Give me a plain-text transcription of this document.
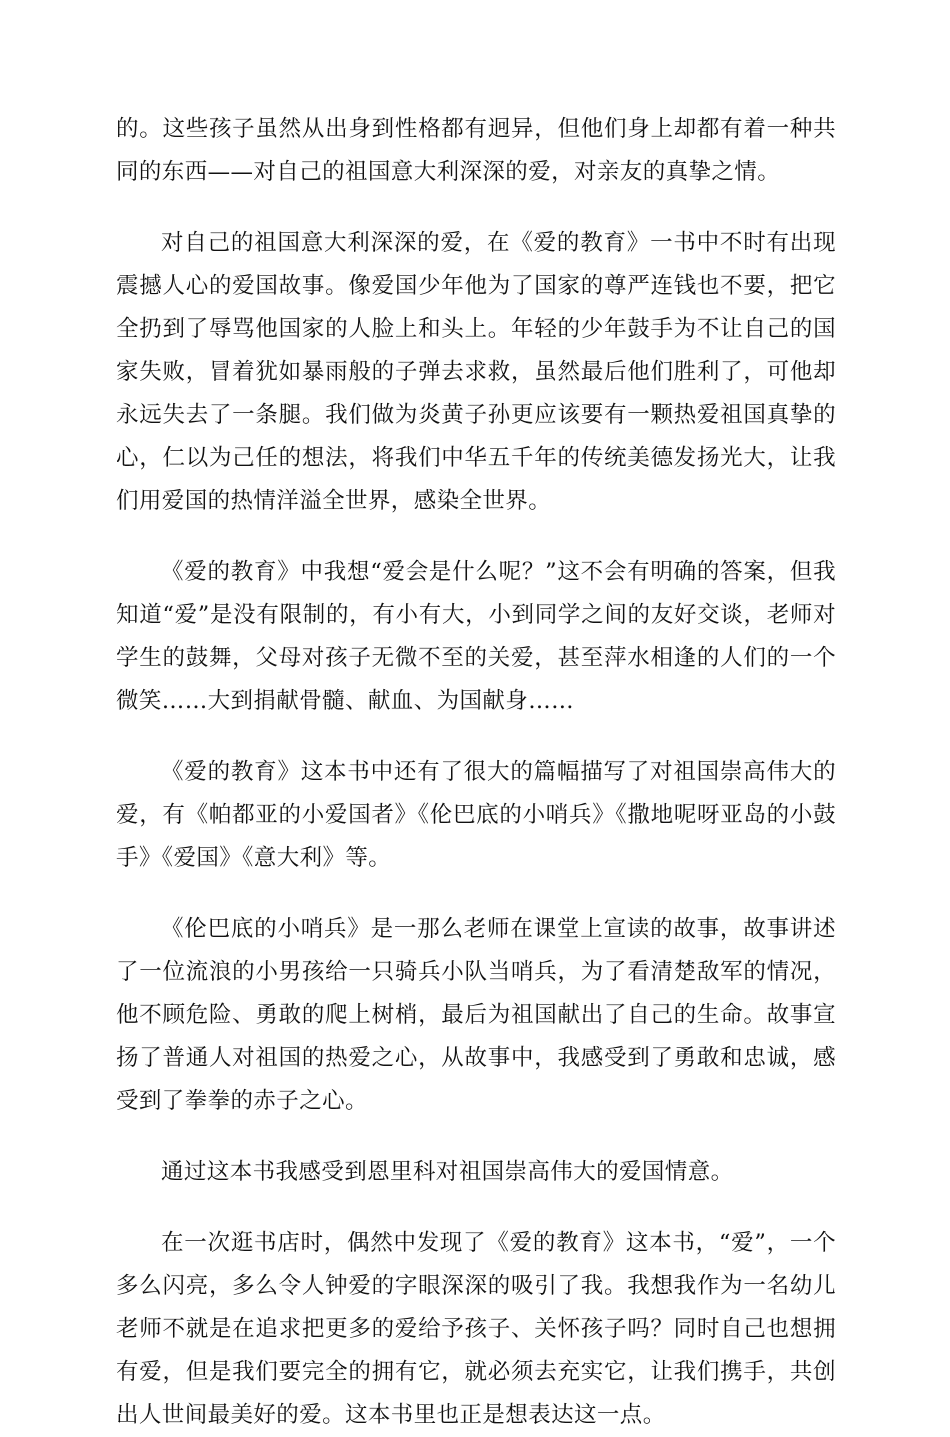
的。这些孩子虽然从出身到性格都有迥异，但他们身上却都有着一种共同的东西——对自己的祖国意大利深深的爱，对亲友的真挚之情。

对自己的祖国意大利深深的爱，在《爱的教育》一书中不时有出现震撼人心的爱国故事。像爱国少年他为了国家的尊严连钱也不要，把它全扔到了辱骂他国家的人脸上和头上。年轻的少年鼓手为不让自己的国家失败，冒着犹如暴雨般的子弹去求救，虽然最后他们胜利了，可他却永远失去了一条腿。我们做为炎黄子孙更应该要有一颗热爱祖国真挚的心，仁以为己任的想法，将我们中华五千年的传统美德发扬光大，让我们用爱国的热情洋溢全世界，感染全世界。

《爱的教育》中我想“爱会是什么呢？”这不会有明确的答案，但我知道“爱”是没有限制的，有小有大，小到同学之间的友好交谈，老师对学生的鼓舞，父母对孩子无微不至的关爱，甚至萍水相逢的人们的一个微笑……大到捐献骨髓、献血、为国献身……

《爱的教育》这本书中还有了很大的篇幅描写了对祖国崇高伟大的爱，有《帕都亚的小爱国者》《伦巴底的小哨兵》《撒地呢呀亚岛的小鼓手》《爱国》《意大利》等。

《伦巴底的小哨兵》是一那么老师在课堂上宣读的故事，故事讲述了一位流浪的小男孩给一只骑兵小队当哨兵，为了看清楚敌军的情况，他不顾危险、勇敢的爬上树梢，最后为祖国献出了自己的生命。故事宣扬了普通人对祖国的热爱之心，从故事中，我感受到了勇敢和忠诚，感受到了拳拳的赤子之心。

通过这本书我感受到恩里科对祖国崇高伟大的爱国情意。

在一次逛书店时，偶然中发现了《爱的教育》这本书，“爱”，一个多么闪亮，多么令人钟爱的字眼深深的吸引了我。我想我作为一名幼儿老师不就是在追求把更多的爱给予孩子、关怀孩子吗？同时自己也想拥有爱，但是我们要完全的拥有它，就必须去充实它，让我们携手，共创出人世间最美好的爱。这本书里也正是想表达这一点。
